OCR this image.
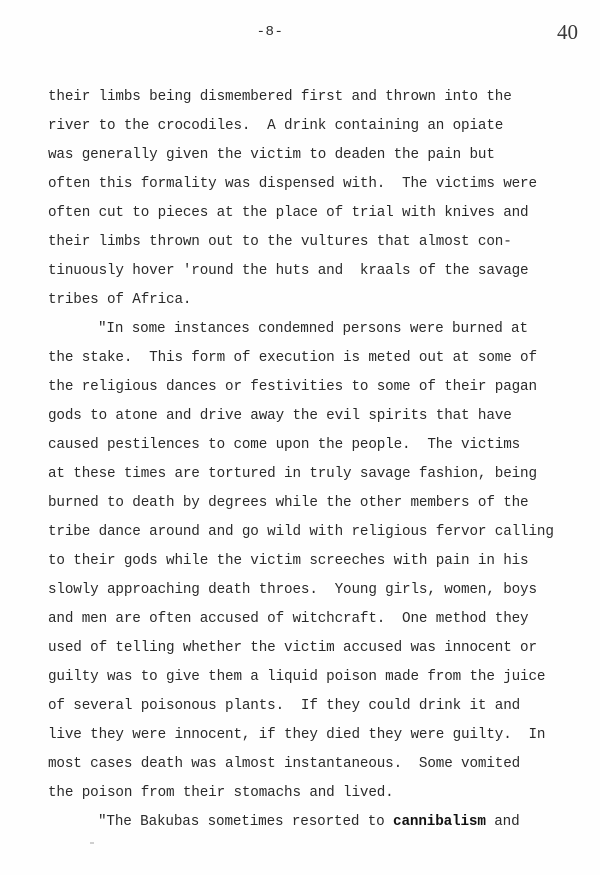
-8-	40
their limbs being dismembered first and thrown into the
river to the crocodiles.  A drink containing an opiate
was generally given the victim to deaden the pain but
often this formality was dispensed with.  The victims were
often cut to pieces at the place of trial with knives and
their limbs thrown out to the vultures that almost con-
tinuously hover 'round the huts and  kraals of the savage
tribes of Africa.
"In some instances condemned persons were burned at
the stake.  This form of execution is meted out at some of
the religious dances or festivities to some of their pagan
gods to atone and drive away the evil spirits that have
caused pestilences to come upon the people.  The victims
at these times are tortured in truly savage fashion, being
burned to death by degrees while the other members of the
tribe dance around and go wild with religious fervor calling
to their gods while the victim screeches with pain in his
slowly approaching death throes.  Young girls, women, boys
and men are often accused of witchcraft.  One method they
used of telling whether the victim accused was innocent or
guilty was to give them a liquid poison made from the juice
of several poisonous plants.  If they could drink it and
live they were innocent, if they died they were guilty.  In
most cases death was almost instantaneous.  Some vomited
the poison from their stomachs and lived.
"The Bakubas sometimes resorted to cannibalism and
